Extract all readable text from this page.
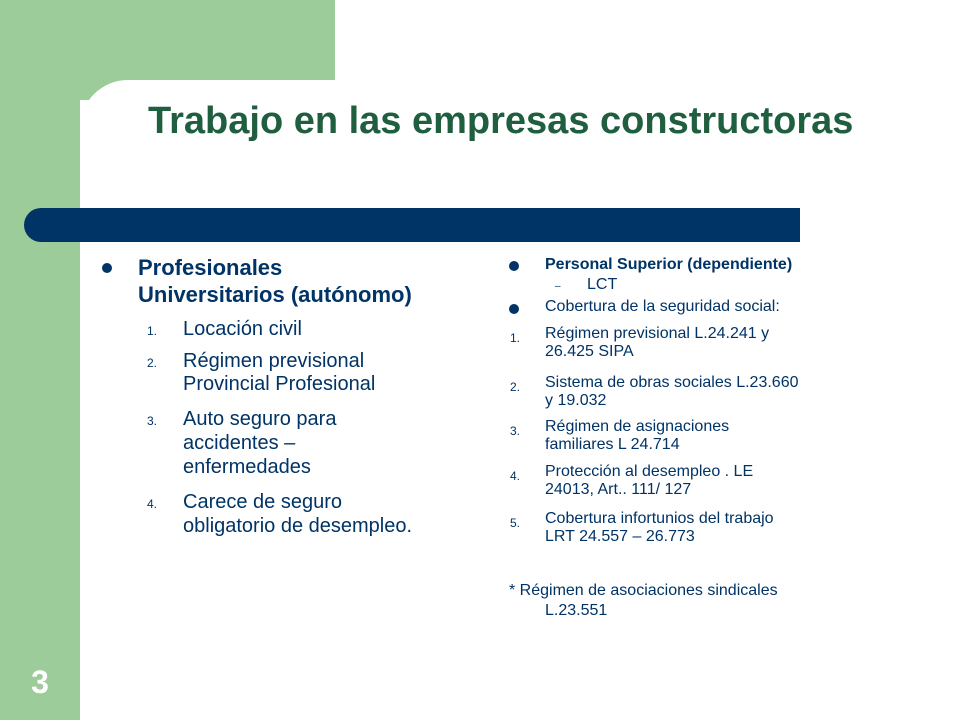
Trabajo en las empresas constructoras

Profesionales

Universitarios (autónomo)

1. Locación civil

2. Régimen previsional

Provincial Profesional

3. Auto seguro para

accidentes –

enfermedades

4. Carece de seguro

obligatorio de desempleo.

Personal Superior (dependiente)

– LCT

Cobertura de la seguridad social:

1. Régimen previsional L.24.241 y

26.425 SIPA

2. Sistema de obras sociales L.23.660

y 19.032

3. Régimen de asignaciones

familiares L 24.714

4. Protección al desempleo . LE

24013, Art.. 111/ 127

5. Cobertura infortunios del trabajo

LRT 24.557 – 26.773

* Régimen de asociaciones sindicales

L.23.551

3
